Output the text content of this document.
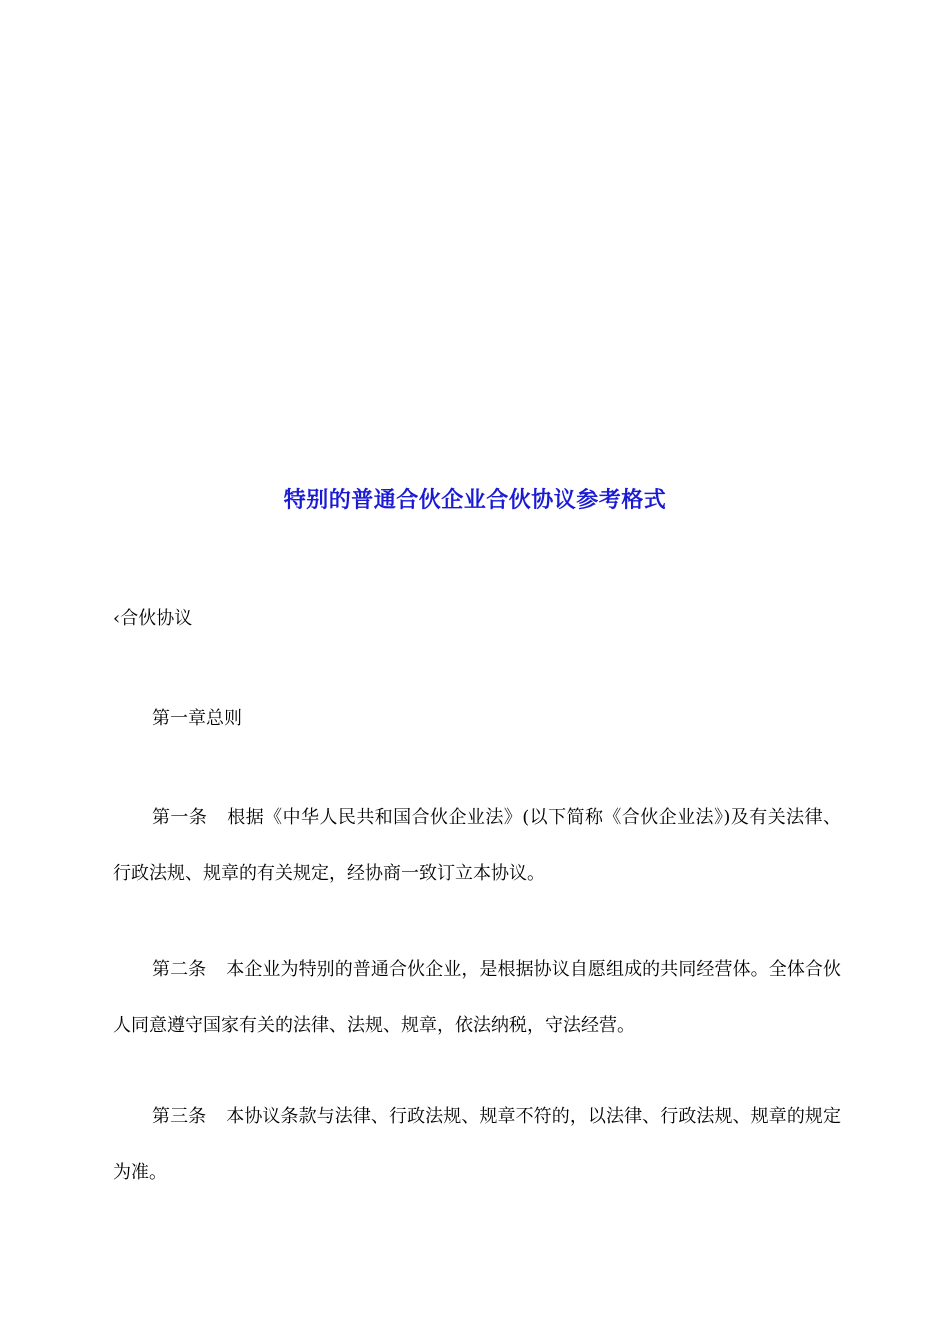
特别的普通合伙企业合伙协议参考格式
‹合伙协议
第一章总则
第一条 根据《中华人民共和国合伙企业法》(以下简称《合伙企业法》)及有关法律、行政法规、规章的有关规定，经协商一致订立本协议。
第二条 本企业为特别的普通合伙企业，是根据协议自愿组成的共同经营体。全体合伙人同意遵守国家有关的法律、法规、规章，依法纳税，守法经营。
第三条 本协议条款与法律、行政法规、规章不符的，以法律、行政法规、规章的规定为准。
